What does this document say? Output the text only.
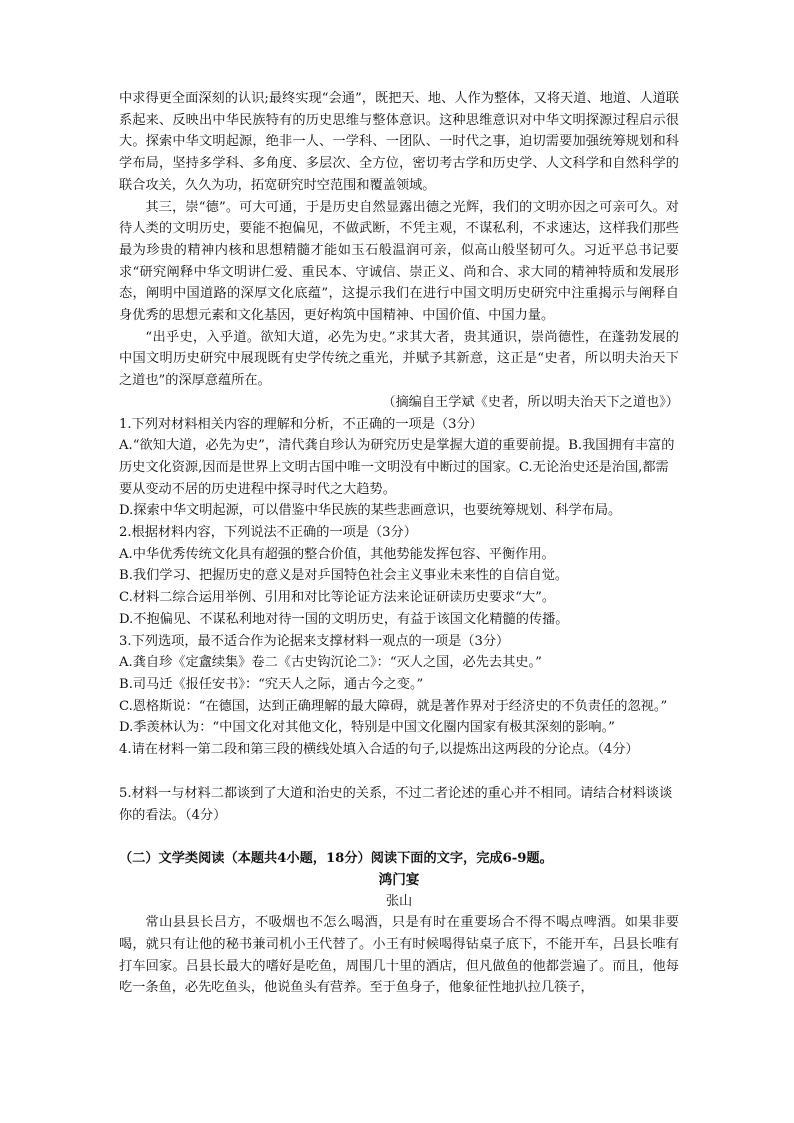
中求得更全面深刻的认识;最终实现“会通”，既把天、地、人作为整体，又将天道、地道、人道联系起来、反映出中华民族特有的历史思维与整体意识。这种思维意识对中华文明探源过程启示很大。探索中华文明起源，绝非一人、一学科、一团队、一时代之事，迫切需要加强统筹规划和科学布局，坚持多学科、多角度、多层次、全方位，密切考古学和历史学、人文科学和自然科学的联合攻关，久久为功，拓宽研究时空范围和覆盖领域。

其三，崇“德”。可大可通，于是历史自然显露出德之光辉，我们的文明亦因之可亲可久。对待人类的文明历史，要能不抱偏见，不做武断，不凭主观，不谋私利，不求速达，这样我们那些最为珍贵的精神内核和思想精髓才能如玉石般温润可亲，似高山般坚韧可久。习近平总书记要求“研究阐释中华文明讲仁爱、重民本、守诚信、崇正义、尚和合、求大同的精神特质和发展形态，阐明中国道路的深厚文化底蕴”，这提示我们在进行中国文明历史研究中注重揭示与阐释自身优秀的思想元素和文化基因，更好构筑中国精神、中国价值、中国力量。

“出乎史，入乎道。欲知大道，必先为史。”求其大者，贵其通识，崇尚德性，在蓬勃发展的中国文明历史研究中展现既有史学传统之重光，并赋予其新意，这正是“史者，所以明夫治天下之道也”的深厚意蕴所在。

（摘编自王学斌《史者，所以明夫治天下之道也》）

1.下列对材料相关内容的理解和分析，不正确的一项是（3分）

A.“欲知大道，必先为史”，清代龚自珍认为研究历史是掌握大道的重要前提。B.我国拥有丰富的历史文化资源,因而是世界上文明古国中唯一文明没有中断过的国家。C.无论治史还是治国,都需要从变动不居的历史进程中探寻时代之大趋势。

D.探索中华文明起源，可以借鉴中华民族的某些悲画意识，也要统筹规划、科学布局。

2.根据材料内容，下列说法不正确的一项是（3分）

A.中华优秀传统文化具有超强的整合价值，其他势能发挥包容、平衡作用。

B.我们学习、把握历史的意义是对乒国特色社会主义事业未来性的自信自觉。

C.材料二综合运用举例、引用和对比等论证方法来论证研读历史要求“大”。

D.不抱偏见、不谋私利地对待一国的文明历史，有益于该国文化精髓的传播。

3.下列选项，最不适合作为论据来支撑材料一观点的一项是（3分）

A.龚自珍《定盦续集》卷二《古史钩沉论二》：“灭人之国，必先去其史。”

B.司马迁《报任安书》：“究天人之际，通古今之变。”

C.恩格斯说：“在德国，达到正确理解的最大障碍，就是著作界对于经济史的不负责任的忽视。”

D.季羡林认为：“中国文化对其他文化，特别是中国文化圈内国家有极其深刻的影响。”

4.请在材料一第二段和第三段的横线处填入合适的句子,以提炼出这两段的分论点。（4分）

5.材料一与材料二都谈到了大道和治史的关系，不过二者论述的重心并不相同。请结合材料谈谈你的看法。（4分）

（二）文学类阅读（本题共4小题，18分）阅读下面的文字，完成6-9题。

鸿门宴

张山

常山县县长吕方，不吸烟也不怎么喝酒，只是有时在重要场合不得不喝点啤酒。如果非要喝，就只有让他的秘书兼司机小王代替了。小王有时候喝得钻桌子底下，不能开车，吕县长唯有打车回家。吕县长最大的嗜好是吃鱼，周围几十里的酒店，但凡做鱼的他都尝遍了。而且，他每吃一条鱼，必先吃鱼头，他说鱼头有营养。至于鱼身子，他象征性地扒拉几筷子，
